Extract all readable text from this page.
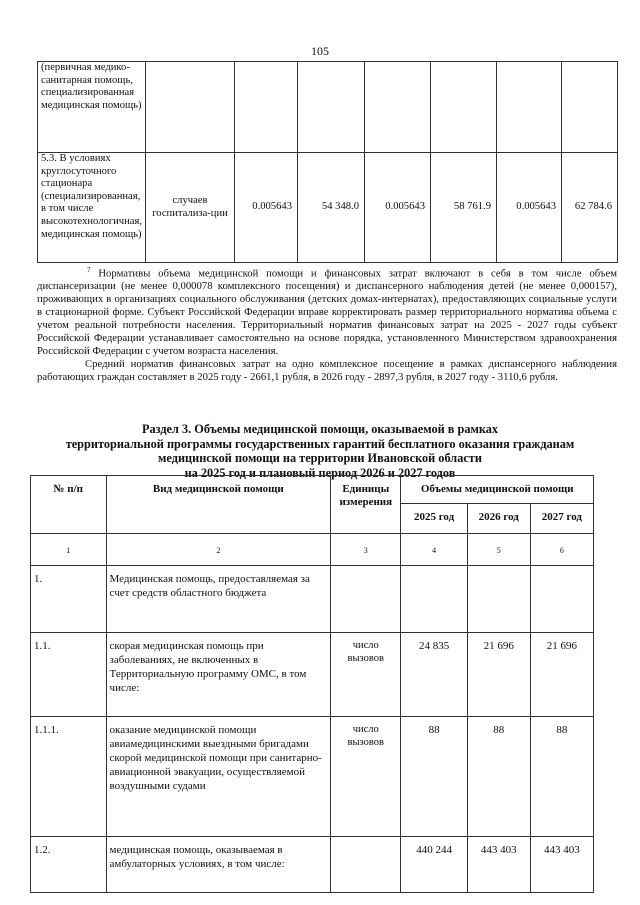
105
(первичная медико-санитарная помощь, специализированная медицинская помощь)							
5.3. В условиях круглосуточного стационара (специализированная, в том числе высокотехнологичная, медицинская помощь)	случаев госпитализа-ции	0.005643	54 348.0	0.005643	58 761.9	0.005643	62 784.6

$^7$ Нормативы объема медицинской помощи и финансовых затрат включают в себя в том числе объем диспансеризации (не менее 0,000078 комплексного посещения) и диспансерного наблюдения детей (не менее 0,000157), проживающих в организациях социального обслуживания (детских домах-интернатах), предоставляющих социальные услуги в стационарной форме. Субъект Российской Федерации вправе корректировать размер территориального норматива объема с учетом реальной потребности населения. Территориальный норматив финансовых затрат на 2025 - 2027 годы субъект Российской Федерации устанавливает самостоятельно на основе порядка, установленного Министерством здравоохранения Российской Федерации с учетом возраста населения.

Средний норматив финансовых затрат на одно комплексное посещение в рамках диспансерного наблюдения работающих граждан составляет в 2025 году - 2661,1 рубля, в 2026 году - 2897,3 рубля, в 2027 году - 3110,6 рубля.

Раздел 3. Объемы медицинской помощи, оказываемой в рамках
территориальной программы государственных гарантий бесплатного оказания гражданам
медицинской помощи на территории Ивановской области
на 2025 год и плановый период 2026 и 2027 годов
№ п/п	Вид медицинской помощи	Единицы измерения	Объемы медицинской помощи		
			2025 год	2026 год	2027 год
1	2	3	4	5	6
1.	Медицинская помощь, предоставляемая за счет средств областного бюджета				
1.1.	скорая медицинская помощь при заболеваниях, не включенных в Территориальную программу ОМС, в том числе:	число вызовов	24 835	21 696	21 696
1.1.1.	оказание медицинской помощи авиамедицинскими выездными бригадами скорой медицинской помощи при санитарно-авиационной эвакуации, осуществляемой воздушными судами	число вызовов	88	88	88
1.2.	медицинская помощь, оказываемая в амбулаторных условиях, в том числе:		440 244	443 403	443 403
